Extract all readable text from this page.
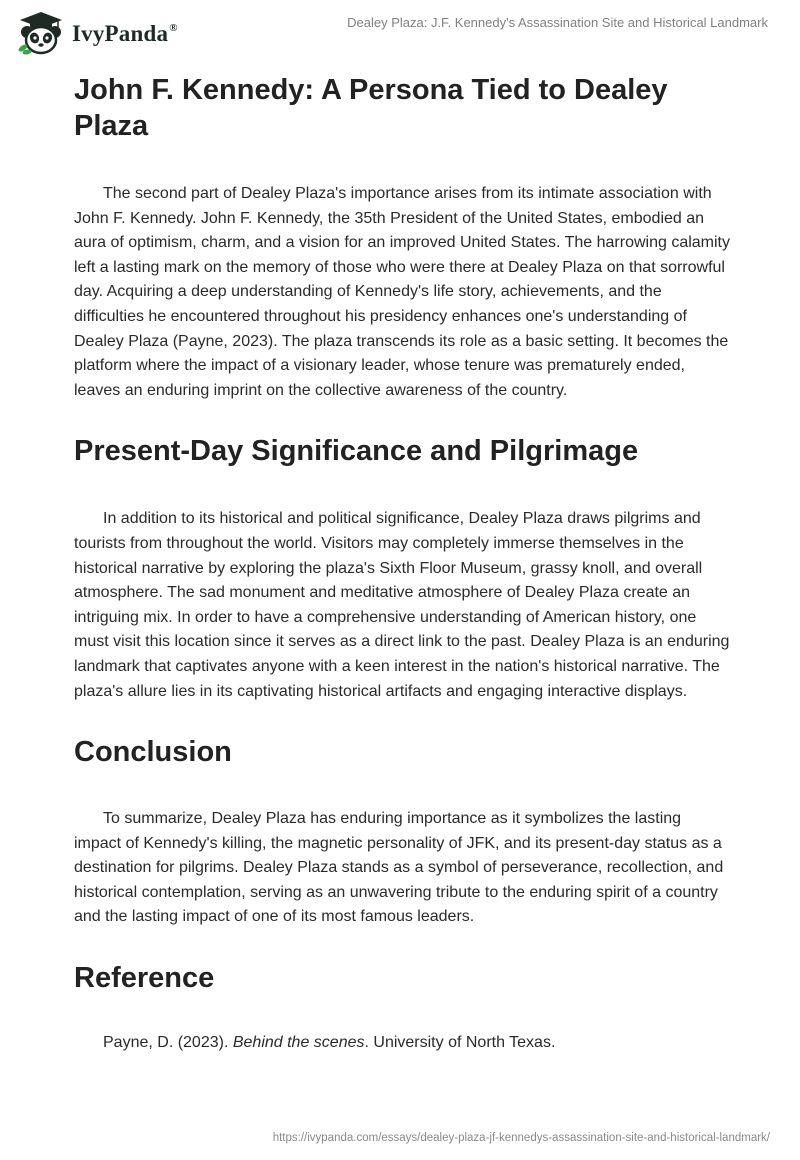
IvyPanda®	Dealey Plaza: J.F. Kennedy's Assassination Site and Historical Landmark
John F. Kennedy: A Persona Tied to Dealey Plaza

The second part of Dealey Plaza's importance arises from its intimate association with John F. Kennedy. John F. Kennedy, the 35th President of the United States, embodied an aura of optimism, charm, and a vision for an improved United States. The harrowing calamity left a lasting mark on the memory of those who were there at Dealey Plaza on that sorrowful day. Acquiring a deep understanding of Kennedy's life story, achievements, and the difficulties he encountered throughout his presidency enhances one's understanding of Dealey Plaza (Payne, 2023). The plaza transcends its role as a basic setting. It becomes the platform where the impact of a visionary leader, whose tenure was prematurely ended, leaves an enduring imprint on the collective awareness of the country.

Present-Day Significance and Pilgrimage

In addition to its historical and political significance, Dealey Plaza draws pilgrims and tourists from throughout the world. Visitors may completely immerse themselves in the historical narrative by exploring the plaza's Sixth Floor Museum, grassy knoll, and overall atmosphere. The sad monument and meditative atmosphere of Dealey Plaza create an intriguing mix. In order to have a comprehensive understanding of American history, one must visit this location since it serves as a direct link to the past. Dealey Plaza is an enduring landmark that captivates anyone with a keen interest in the nation's historical narrative. The plaza's allure lies in its captivating historical artifacts and engaging interactive displays.

Conclusion

To summarize, Dealey Plaza has enduring importance as it symbolizes the lasting impact of Kennedy's killing, the magnetic personality of JFK, and its present-day status as a destination for pilgrims. Dealey Plaza stands as a symbol of perseverance, recollection, and historical contemplation, serving as an unwavering tribute to the enduring spirit of a country and the lasting impact of one of its most famous leaders.

Reference

Payne, D. (2023). Behind the scenes. University of North Texas.

https://ivypanda.com/essays/dealey-plaza-jf-kennedys-assassination-site-and-historical-landmark/
